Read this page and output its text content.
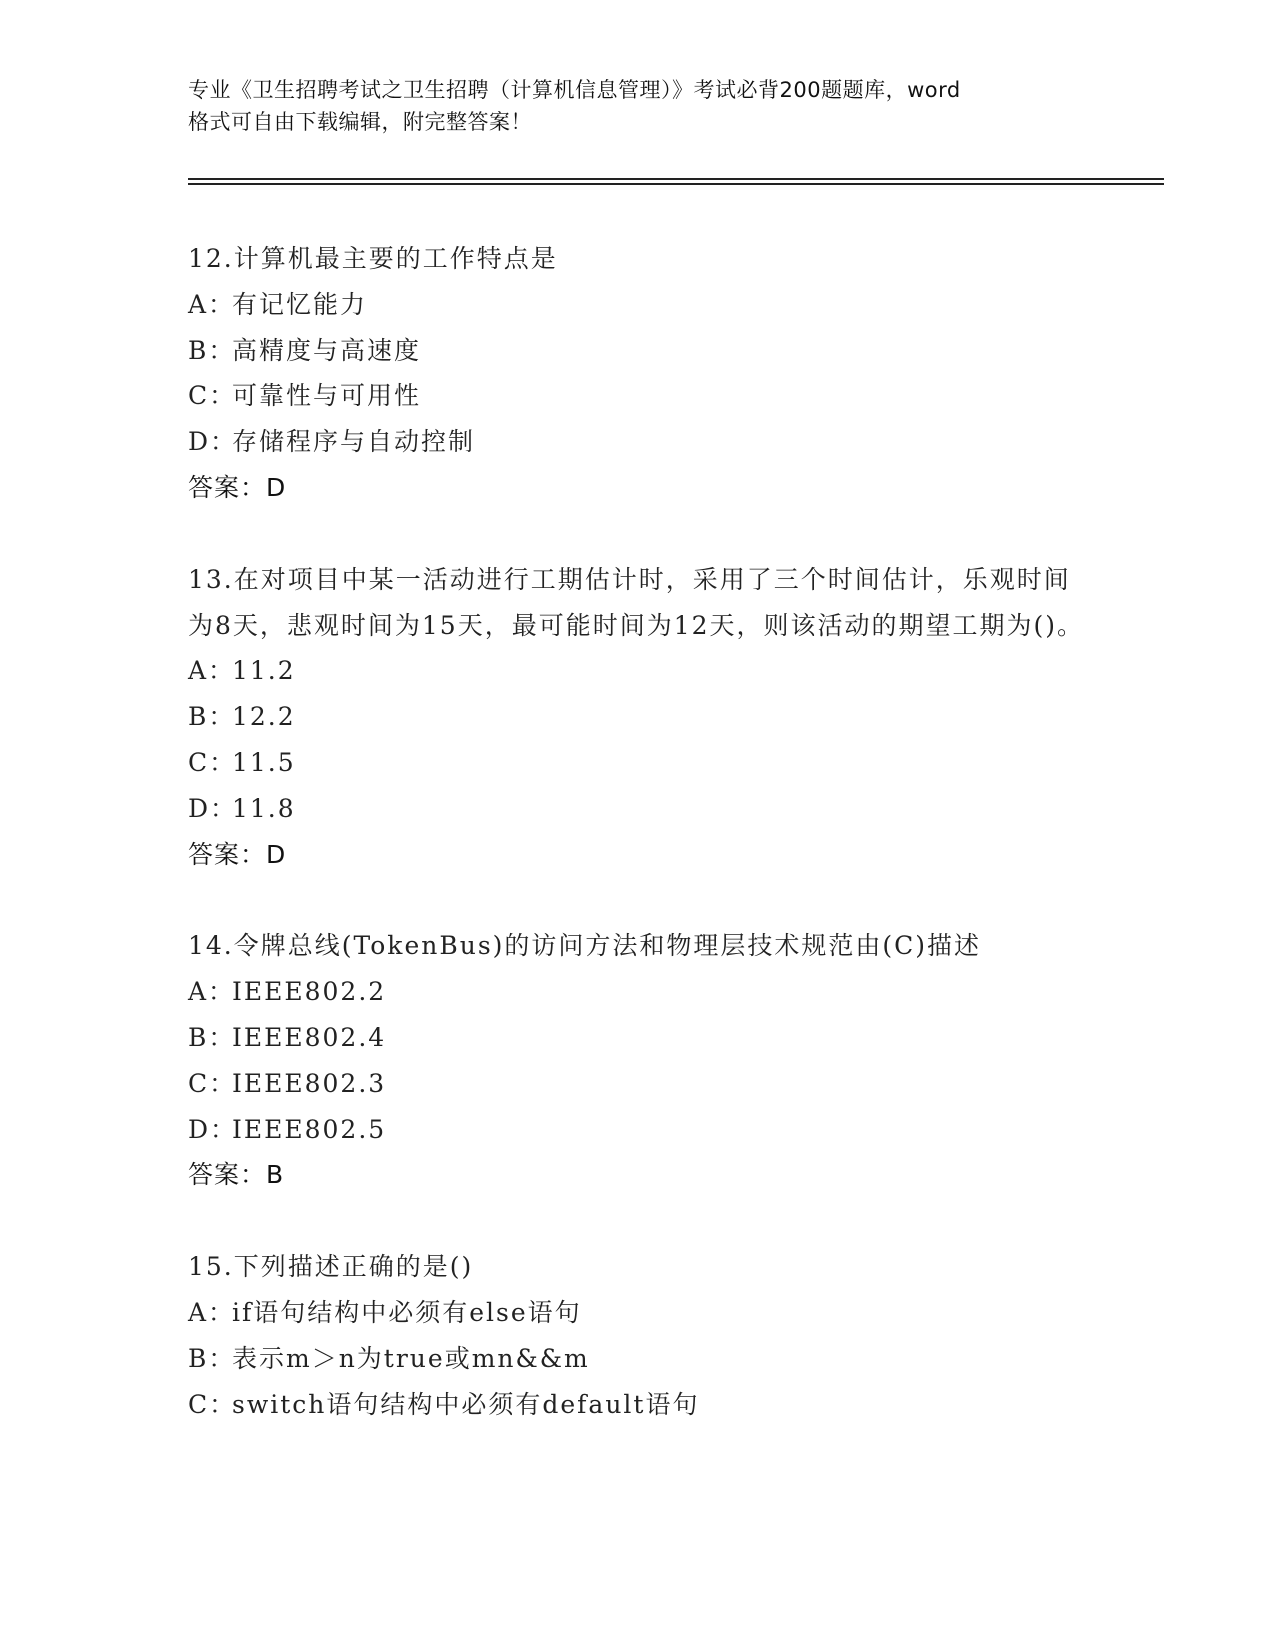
专业《卫生招聘考试之卫生招聘（计算机信息管理）》考试必背200题题库，word
格式可自由下载编辑，附完整答案！
12.计算机最主要的工作特点是
A：有记忆能力
B：高精度与高速度
C：可靠性与可用性
D：存储程序与自动控制
答案：D
13.在对项目中某一活动进行工期估计时，采用了三个时间估计，乐观时间为8天，悲观时间为15天，最可能时间为12天，则该活动的期望工期为()。
A：11.2
B：12.2
C：11.5
D：11.8
答案：D
14.令牌总线(TokenBus)的访问方法和物理层技术规范由(C)描述
A：IEEE802.2
B：IEEE802.4
C：IEEE802.3
D：IEEE802.5
答案：B
15.下列描述正确的是()
A：if语句结构中必须有else语句
B：表示m＞n为true或mn&&m
C：switch语句结构中必须有default语句
